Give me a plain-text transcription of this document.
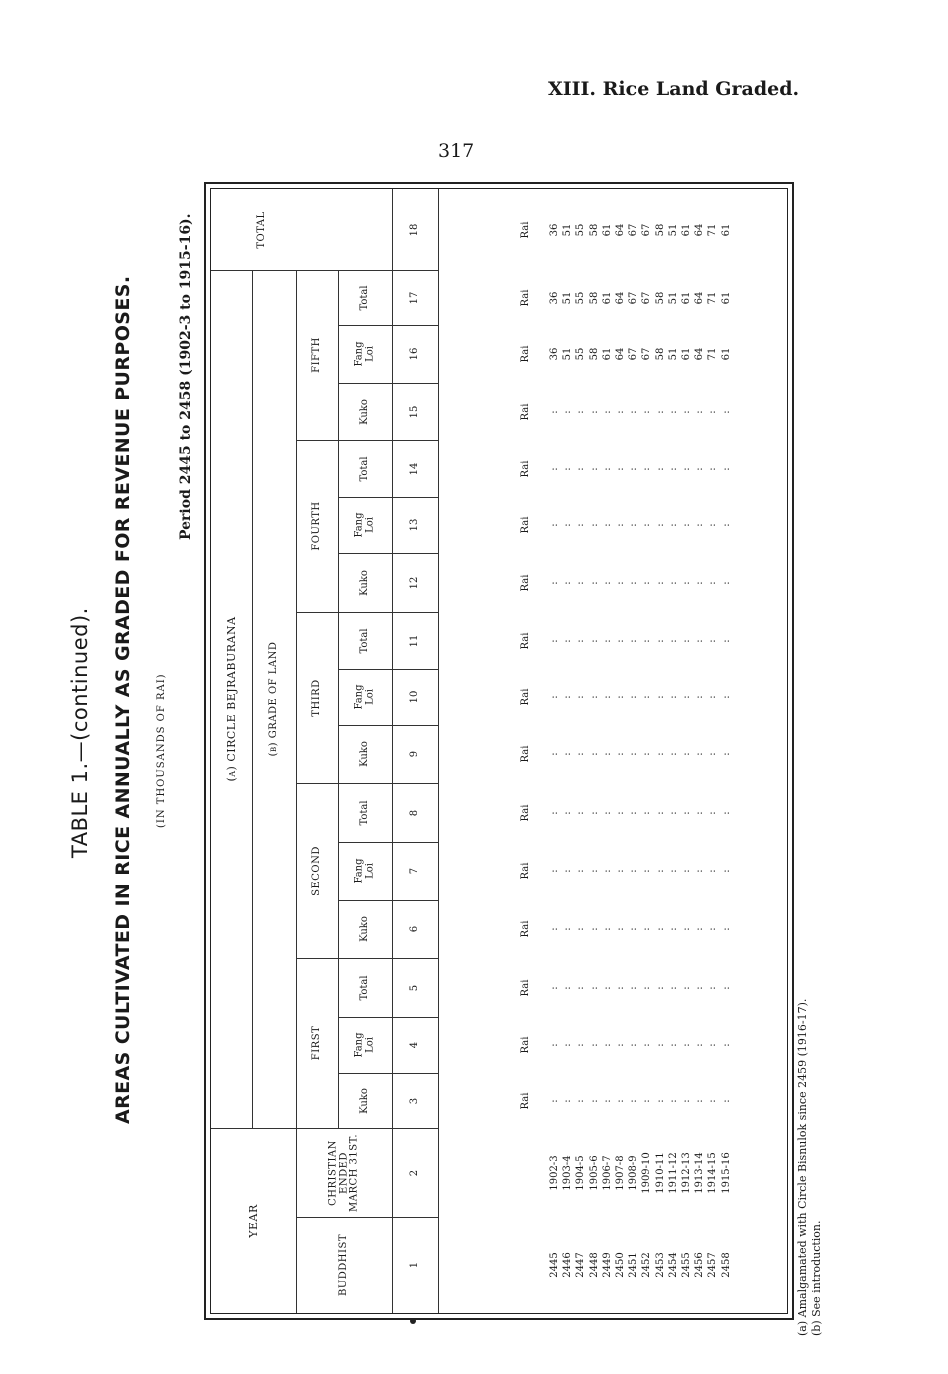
XIII. Rice Land Graded.
317
TABLE 1.—(continued). AREAS CULTIVATED IN RICE ANNUALLY AS GRADED FOR REVENUE PURPOSES. (IN THOUSANDS OF RAI)
Period 2445 to 2458 (1902-3 to 1915-16).
YEAR
BUDDHIST
CHRISTIAN
ENDED
MARCH 31ST.
(a) CIRCLE BEJRABURANA	(b) GRADE OF LAND
TOTAL
FIRST
SECOND
THIRD
FOURTH
FIFTH
Kuko
Fang
Loi
Total
Kuko
Fang
Loi
Total
Kuko
Fang
Loi
Total
Kuko
Fang
Loi
Total
Kuko
Fang
Loi
Total
1
2
3
4
5
6
7
8
9
10
11
12
13
14
15
16
17
18
Rai
Rai
Rai
Rai
Rai
Rai
Rai
Rai
Rai
Rai
Rai
Rai
Rai
Rai
Rai
Rai
2445
2446
2447
2448
2449
2450
2451
2452
2453
2454
2455
2456
2457
2458
1902-3
1903-4
1904-5
1905-6
1906-7
1907-8
1908-9
1909-10
1910-11
1911-12
1912-13
1913-14
1914-15
1915-16
:
:
:
:
:
:
:
:
:
:
:
:
:
:
:
:
:
:
:
:
:
:
:
:
:
:
:
:
:
:
:
:
:
:
:
:
:
:
:
:
:
:
:
:
:
:
:
:
:
:
:
:
:
:
:
:
:
:
:
:
:
:
:
:
:
:
:
:
:
:
:
:
:
:
:
:
:
:
:
:
:
:
:
:
:
:
:
:
:
:
:
:
:
:
:
:
:
:
:
:
:
:
:
:
:
:
:
:
:
:
:
:
:
:
:
:
:
:
:
:
:
:
:
:
:
:
:
:
:
:
:
:
:
:
:
:
:
:
:
:
:
:
:
:
:
:
:
:
:
:
:
:
:
:
:
:
:
:
:
:
:
:
:
:
:
:
:
:
:
:
:
:
:
:
:
:
:
:
:
:
:
:
36
51
55
58
61
64
67
67
58
51
61
64
71
61
36
51
55
58
61
64
67
67
58
51
61
64
71
61
36
51
55
58
61
64
67
67
58
51
61
64
71
61
(a) Amalgamated with Circle Bisnulok since 2459 (1916-17). (b) See introduction.
